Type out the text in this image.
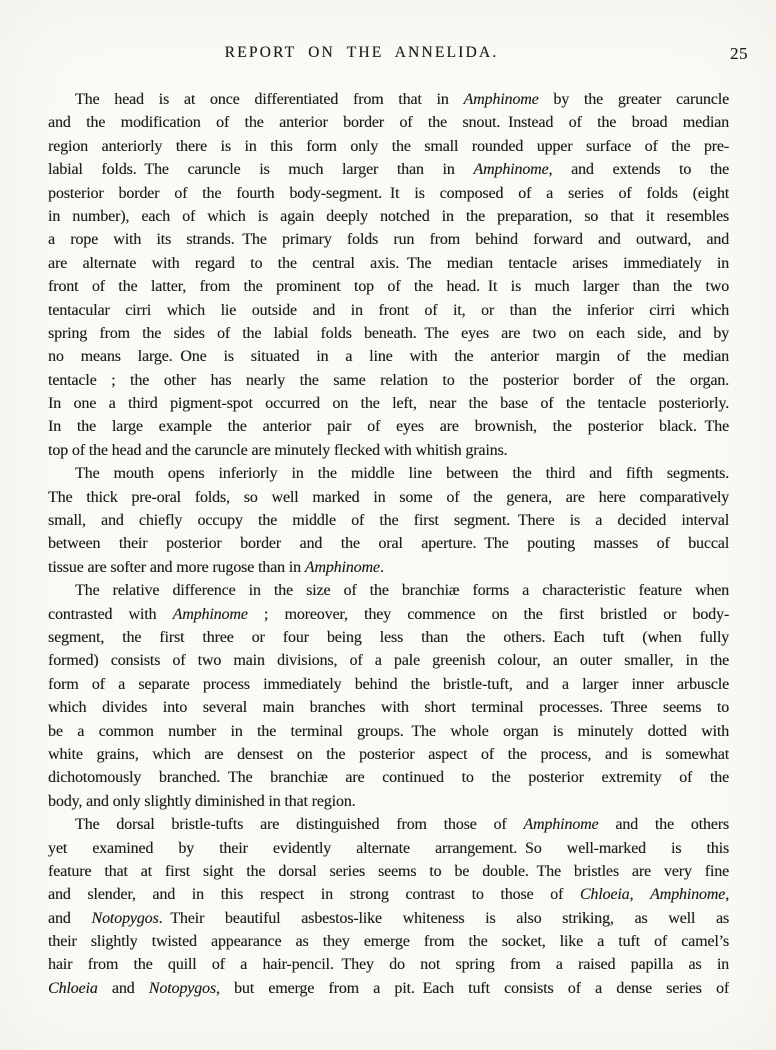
REPORT ON THE ANNELIDA.	25
The head is at once differentiated from that in Amphinome by the greater caruncle
and the modification of the anterior border of the snout. Instead of the broad median
region anteriorly there is in this form only the small rounded upper surface of the pre-
labial folds. The caruncle is much larger than in Amphinome, and extends to the
posterior border of the fourth body-segment. It is composed of a series of folds (eight
in number), each of which is again deeply notched in the preparation, so that it resembles
a rope with its strands. The primary folds run from behind forward and outward, and
are alternate with regard to the central axis. The median tentacle arises immediately in
front of the latter, from the prominent top of the head. It is much larger than the two
tentacular cirri which lie outside and in front of it, or than the inferior cirri which
spring from the sides of the labial folds beneath. The eyes are two on each side, and by
no means large. One is situated in a line with the anterior margin of the median
tentacle ; the other has nearly the same relation to the posterior border of the organ.
In one a third pigment-spot occurred on the left, near the base of the tentacle posteriorly.
In the large example the anterior pair of eyes are brownish, the posterior black. The
top of the head and the caruncle are minutely flecked with whitish grains.
The mouth opens inferiorly in the middle line between the third and fifth segments.
The thick pre-oral folds, so well marked in some of the genera, are here comparatively
small, and chiefly occupy the middle of the first segment. There is a decided interval
between their posterior border and the oral aperture. The pouting masses of buccal
tissue are softer and more rugose than in Amphinome.
The relative difference in the size of the branchiæ forms a characteristic feature when
contrasted with Amphinome ; moreover, they commence on the first bristled or body-
segment, the first three or four being less than the others. Each tuft (when fully
formed) consists of two main divisions, of a pale greenish colour, an outer smaller, in the
form of a separate process immediately behind the bristle-tuft, and a larger inner arbuscle
which divides into several main branches with short terminal processes. Three seems to
be a common number in the terminal groups. The whole organ is minutely dotted with
white grains, which are densest on the posterior aspect of the process, and is somewhat
dichotomously branched. The branchiæ are continued to the posterior extremity of the
body, and only slightly diminished in that region.
The dorsal bristle-tufts are distinguished from those of Amphinome and the others
yet examined by their evidently alternate arrangement. So well-marked is this
feature that at first sight the dorsal series seems to be double. The bristles are very fine
and slender, and in this respect in strong contrast to those of Chloeia, Amphinome,
and Notopygos. Their beautiful asbestos-like whiteness is also striking, as well as
their slightly twisted appearance as they emerge from the socket, like a tuft of camel’s
hair from the quill of a hair-pencil. They do not spring from a raised papilla as in
Chloeia and Notopygos, but emerge from a pit. Each tuft consists of a dense series of
